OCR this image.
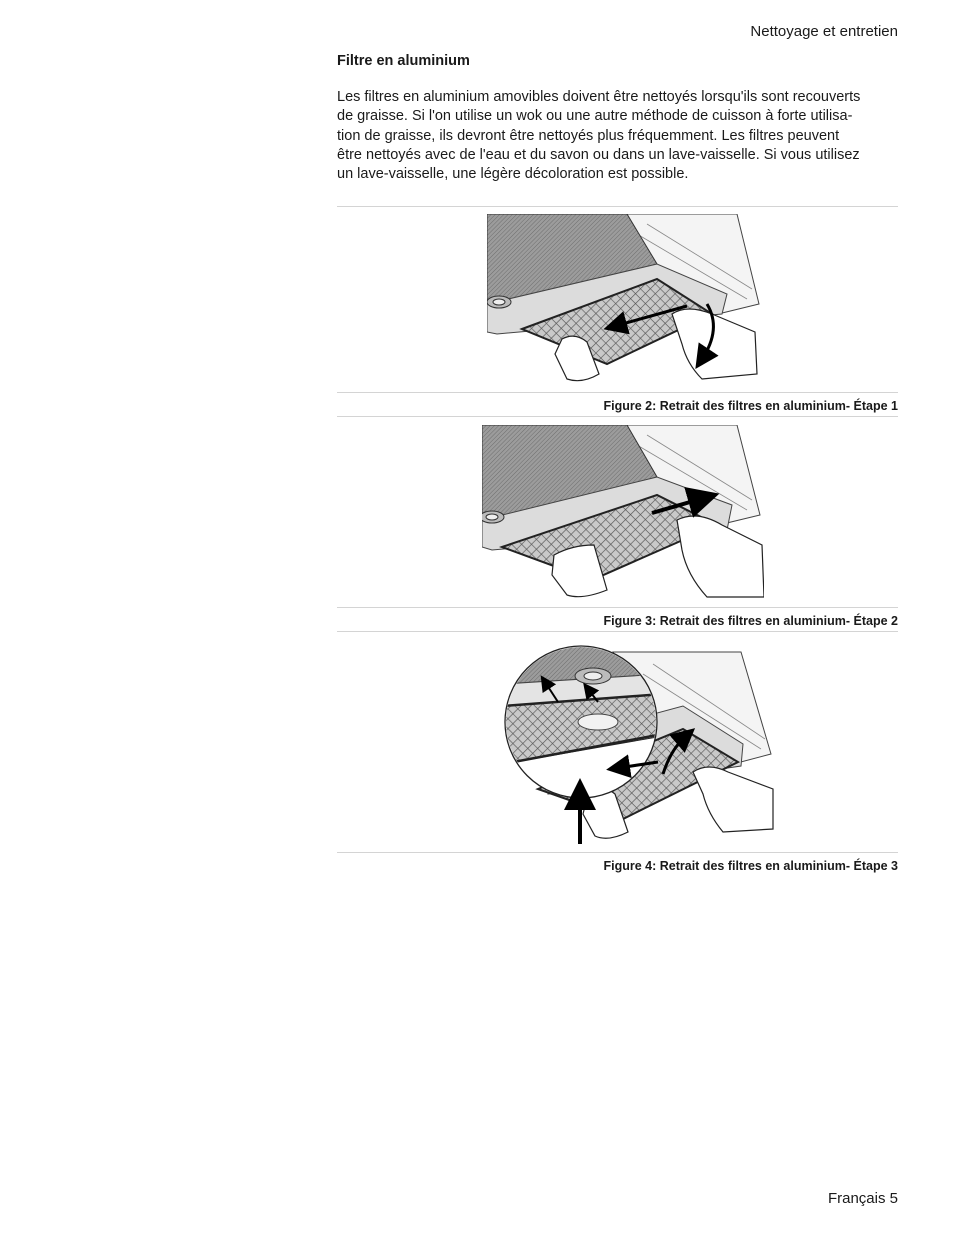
Nettoyage et entretien
Filtre en aluminium

Les filtres en aluminium amovibles doivent être nettoyés lorsqu'ils sont recouverts
de graisse. Si l'on utilise un wok ou une autre méthode de cuisson à forte utilisa-
tion de graisse, ils devront être nettoyés plus fréquemment. Les filtres peuvent
être nettoyés avec de l'eau et du savon ou dans un lave-vaisselle. Si vous utilisez
un lave-vaisselle, une légère décoloration est possible.

Figure 2: Retrait des filtres en aluminium- Étape 1
Figure 3: Retrait des filtres en aluminium- Étape 2
Figure 4: Retrait des filtres en aluminium- Étape 3
Français 5
